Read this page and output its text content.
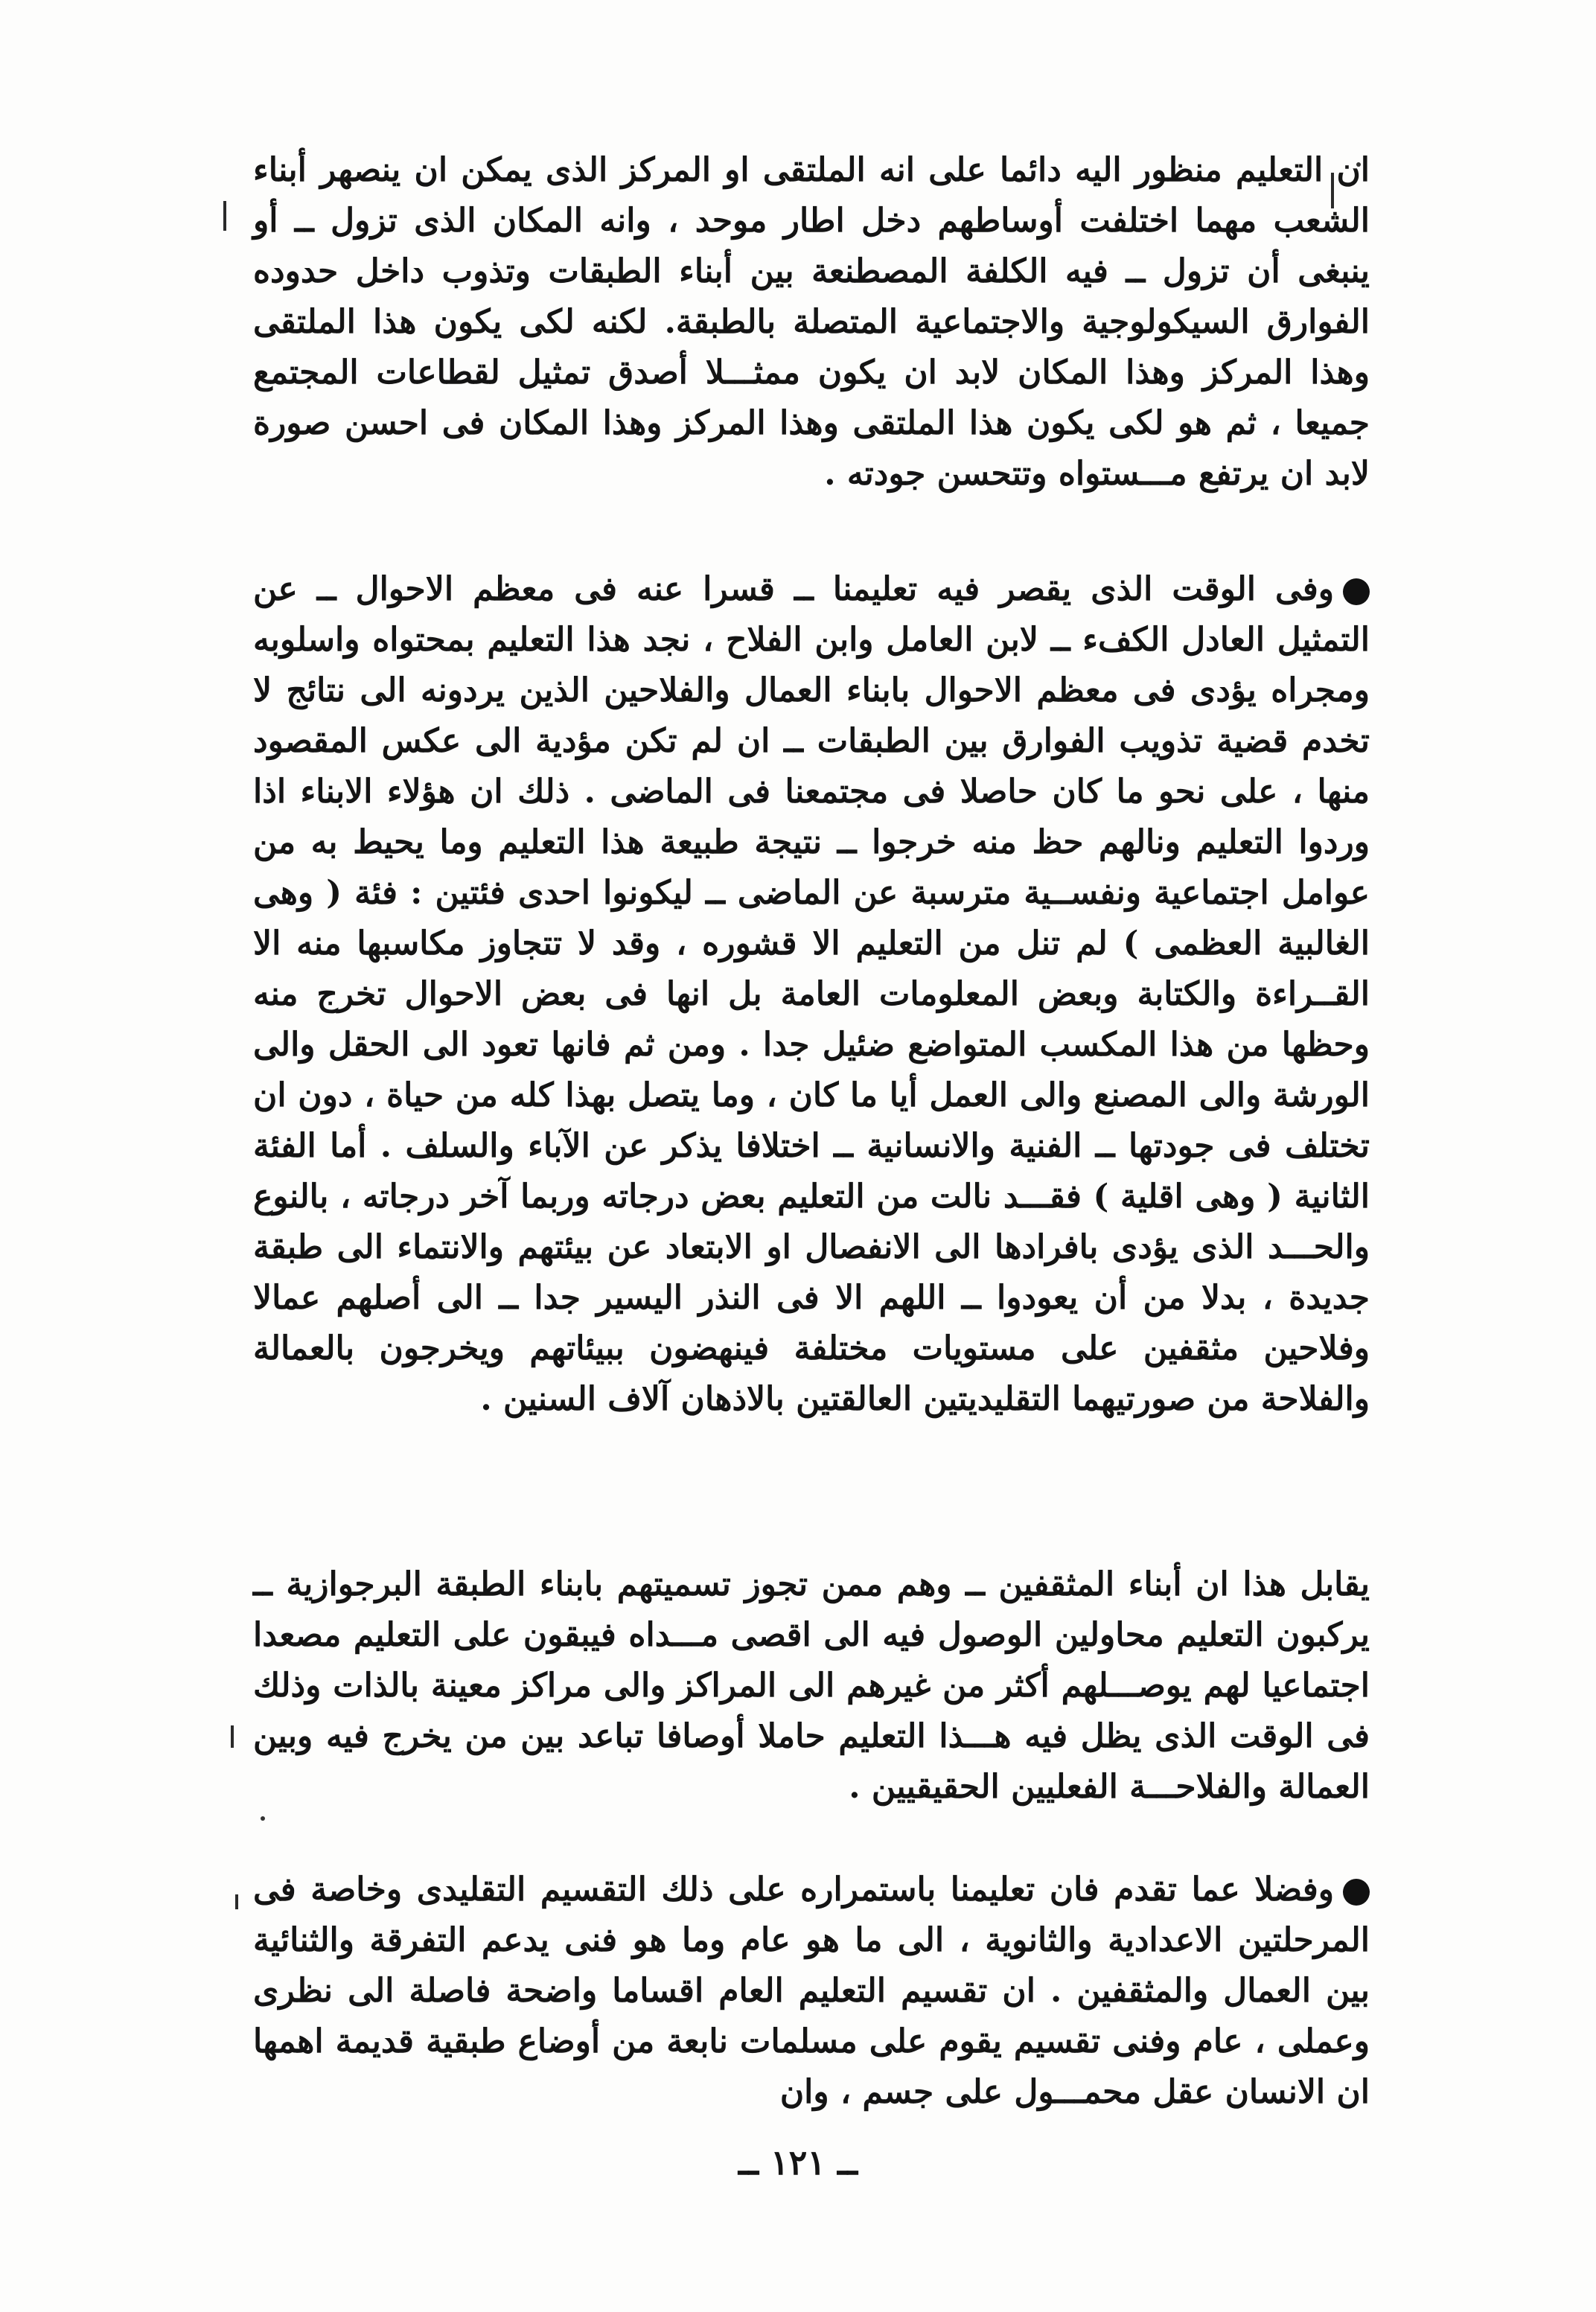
ان التعليم منظور اليه دائما على انه الملتقى او المركز الذى يمكن ان ينصهر أبناء الشعب مهما اختلفت أوساطهم دخل اطار موحد ، وانه المكان الذى تزول ــ أو ينبغى أن تزول ــ فيه الكلفة المصطنعة بين أبناء الطبقات وتذوب داخل حدوده الفوارق السيكولوجية والاجتماعية المتصلة بالطبقة. لكنه لكى يكون هذا الملتقى وهذا المركز وهذا المكان لابد ان يكون ممثـــلا أصدق تمثيل لقطاعات المجتمع جميعا ، ثم هو لكى يكون هذا الملتقى وهذا المركز وهذا المكان فى احسن صورة لابد ان يرتفع مـــستواه وتتحسن جودته .

وفى الوقت الذى يقصر فيه تعليمنا ــ قسرا عنه فى معظم الاحوال ــ عن التمثيل العادل الكفء ــ لابن العامل وابن الفلاح ، نجد هذا التعليم بمحتواه واسلوبه ومجراه يؤدى فى معظم الاحوال بابناء العمال والفلاحين الذين يردونه الى نتائج لا تخدم قضية تذويب الفوارق بين الطبقات ــ ان لم تكن مؤدية الى عكس المقصود منها ، على نحو ما كان حاصلا فى مجتمعنا فى الماضى . ذلك ان هؤلاء الابناء اذا وردوا التعليم ونالهم حظ منه خرجوا ــ نتيجة طبيعة هذا التعليم وما يحيط به من عوامل اجتماعية ونفســية مترسبة عن الماضى ــ ليكونوا احدى فئتين : فئة ( وهى الغالبية العظمى ) لم تنل من التعليم الا قشوره ، وقد لا تتجاوز مكاسبها منه الا القــراءة والكتابة وبعض المعلومات العامة بل انها فى بعض الاحوال تخرج منه وحظها من هذا المكسب المتواضع ضئيل جدا . ومن ثم فانها تعود الى الحقل والى الورشة والى المصنع والى العمل أيا ما كان ، وما يتصل بهذا كله من حياة ، دون ان تختلف فى جودتها ــ الفنية والانسانية ــ اختلافا يذكر عن الآباء والسلف . أما الفئة الثانية ( وهى اقلية ) فقـــد نالت من التعليم بعض درجاته وربما آخر درجاته ، بالنوع والحـــد الذى يؤدى بافرادها الى الانفصال او الابتعاد عن بيئتهم والانتماء الى طبقة جديدة ، بدلا من أن يعودوا ــ اللهم الا فى النذر اليسير جدا ــ الى أصلهم عمالا وفلاحين مثقفين على مستويات مختلفة فينهضون ببيئاتهم ويخرجون بالعمالة والفلاحة من صورتيهما التقليديتين العالقتين بالاذهان آلاف السنين .

يقابل هذا ان أبناء المثقفين ــ وهم ممن تجوز تسميتهم بابناء الطبقة البرجوازية ــ يركبون التعليم محاولين الوصول فيه الى اقصى مـــداه فيبقون على التعليم مصعدا اجتماعيا لهم يوصـــلهم أكثر من غيرهم الى المراكز والى مراكز معينة بالذات وذلك فى الوقت الذى يظل فيه هـــذا التعليم حاملا أوصافا تباعد بين من يخرج فيه وبين العمالة والفلاحـــة الفعليين الحقيقيين .

وفضلا عما تقدم فان تعليمنا باستمراره على ذلك التقسيم التقليدى وخاصة فى المرحلتين الاعدادية والثانوية ، الى ما هو عام وما هو فنى يدعم التفرقة والثنائية بين العمال والمثقفين . ان تقسيم التعليم العام اقساما واضحة فاصلة الى نظرى وعملى ، عام وفنى تقسيم يقوم على مسلمات نابعة من أوضاع طبقية قديمة اهمها ان الانسان عقل محمـــول على جسم ، وان

ــ ١٢١ ــ
